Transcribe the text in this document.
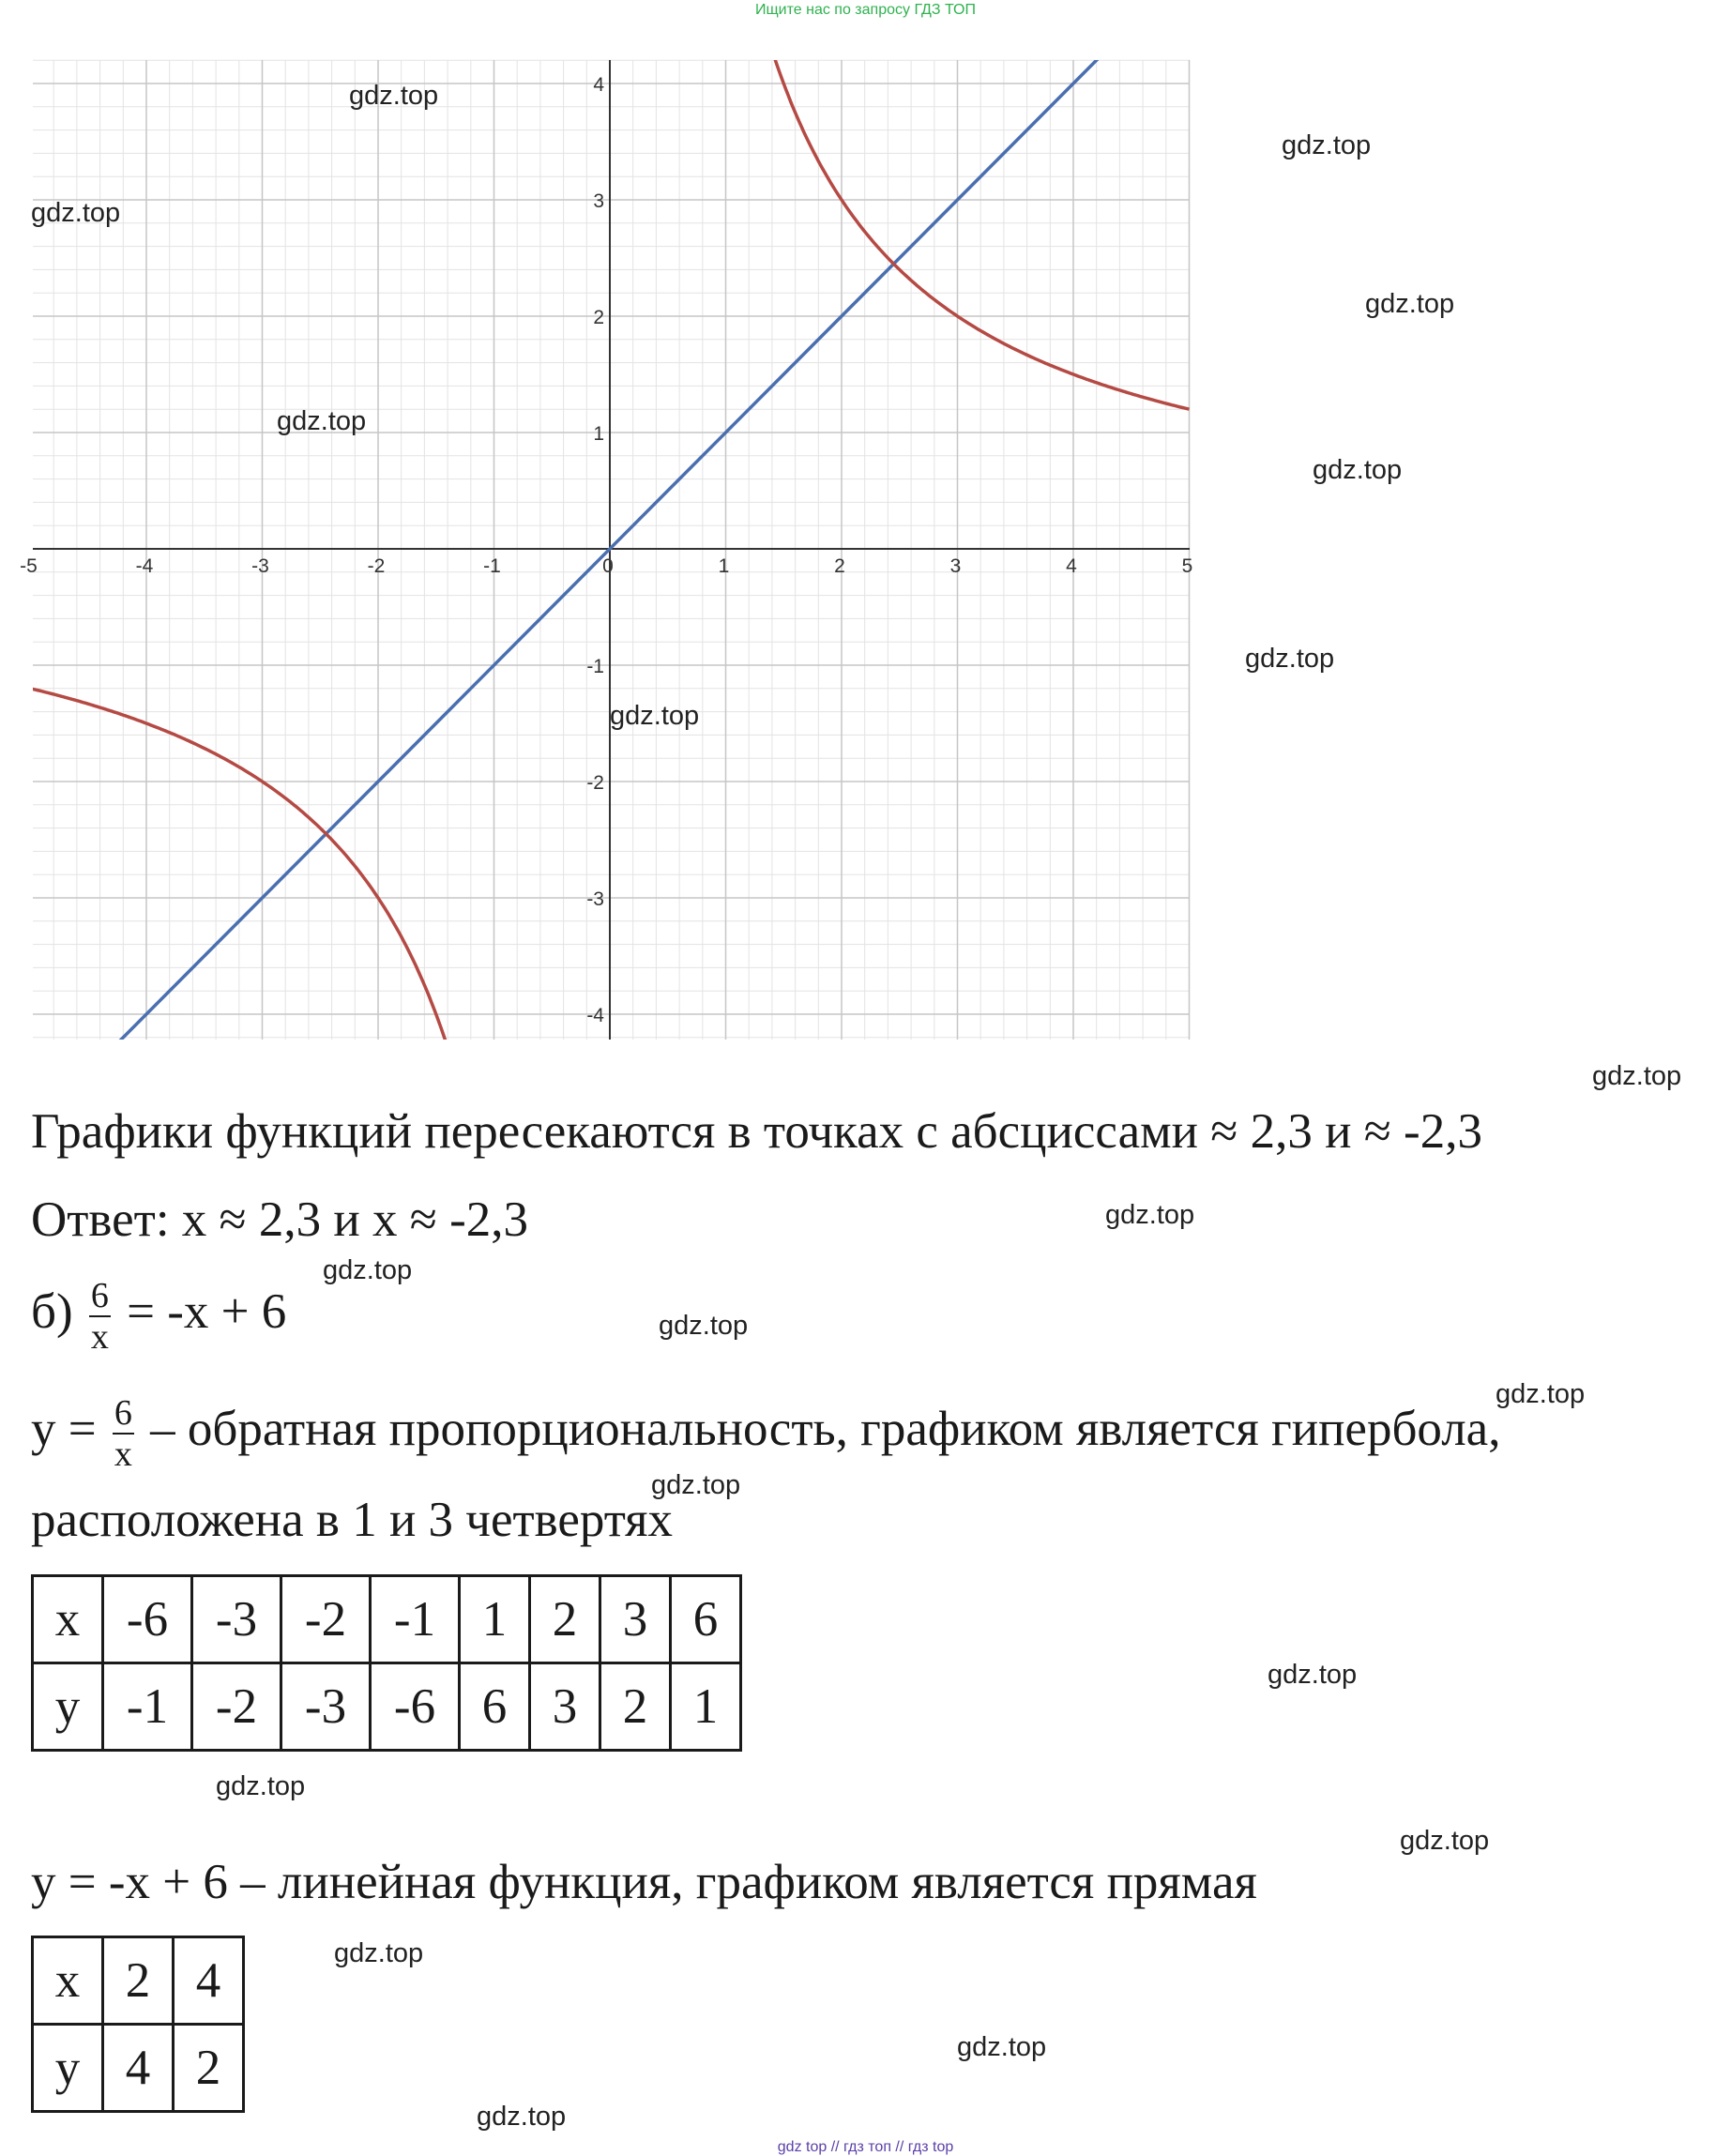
Ищите нас по запросу ГДЗ ТОП
-5	-4	-3	-2	-1	0	1	2	3	4	5
-4
-3
-2
-1
1
2
3
4
gdz.top
gdz.top
gdz.top
gdz.top
gdz.top
gdz.top
gdz.top
gdz.top
gdz.top
gdz.top
gdz.top
gdz.top
gdz.top
gdz.top
gdz.top
gdz.top
gdz.top
gdz.top
gdz.top
gdz.top
Графики функций пересекаются в точках с абсциссами ≈ 2,3 и ≈ -2,3
Ответ: x ≈ 2,3 и x ≈ -2,3
$б) \frac{6}{x} = -x + 6$
$y = \frac{6}{x}$ – обратная пропорциональность, графиком является гипербола,
расположена в 1 и 3 четвертях
x	-6	-3	-2	-1	1	2	3	6
y	-1	-2	-3	-6	6	3	2	1
y = -x + 6 – линейная функция, графиком является прямая
x	2	4
y	4	2
gdz top // гдз топ // гдз top
